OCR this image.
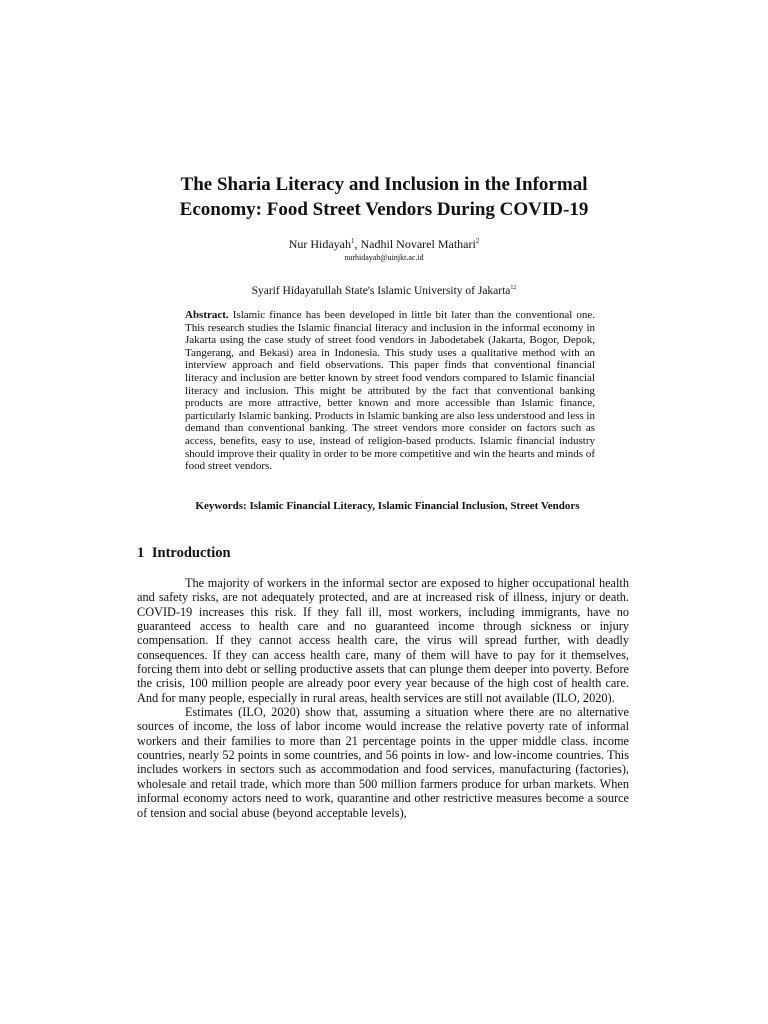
The Sharia Literacy and Inclusion in the Informal
Economy: Food Street Vendors During COVID-19
Nur Hidayah$^1$, Nadhil Novarel Mathari$^2$
nurhidayah@uinjkt.ac.id
Syarif Hidayatullah State's Islamic University of Jakarta$^{12}$
Abstract. Islamic finance has been developed in little bit later than the conventional one. This research studies the Islamic financial literacy and inclusion in the informal economy in Jakarta using the case study of street food vendors in Jabodetabek (Jakarta, Bogor, Depok, Tangerang, and Bekasi) area in Indonesia. This study uses a qualitative method with an interview approach and field observations. This paper finds that conventional financial literacy and inclusion are better known by street food vendors compared to Islamic financial literacy and inclusion. This might be attributed by the fact that conventional banking products are more attractive, better known and more accessible than Islamic finance, particularly Islamic banking. Products in Islamic banking are also less understood and less in demand than conventional banking. The street vendors more consider on factors such as access, benefits, easy to use, instead of religion-based products. Islamic financial industry should improve their quality in order to be more competitive and win the hearts and minds of food street vendors.
Keywords: Islamic Financial Literacy, Islamic Financial Inclusion, Street Vendors
1 Introduction

The majority of workers in the informal sector are exposed to higher occupational health and safety risks, are not adequately protected, and are at increased risk of illness, injury or death. COVID-19 increases this risk. If they fall ill, most workers, including immigrants, have no guaranteed access to health care and no guaranteed income through sickness or injury compensation. If they cannot access health care, the virus will spread further, with deadly consequences. If they can access health care, many of them will have to pay for it themselves, forcing them into debt or selling productive assets that can plunge them deeper into poverty. Before the crisis, 100 million people are already poor every year because of the high cost of health care. And for many people, especially in rural areas, health services are still not available (ILO, 2020).

Estimates (ILO, 2020) show that, assuming a situation where there are no alternative sources of income, the loss of labor income would increase the relative poverty rate of informal workers and their families to more than 21 percentage points in the upper middle class. income countries, nearly 52 points in some countries, and 56 points in low- and low-income countries. This includes workers in sectors such as accommodation and food services, manufacturing (factories), wholesale and retail trade, which more than 500 million farmers produce for urban markets. When informal economy actors need to work, quarantine and other restrictive measures become a source of tension and social abuse (beyond acceptable levels),
